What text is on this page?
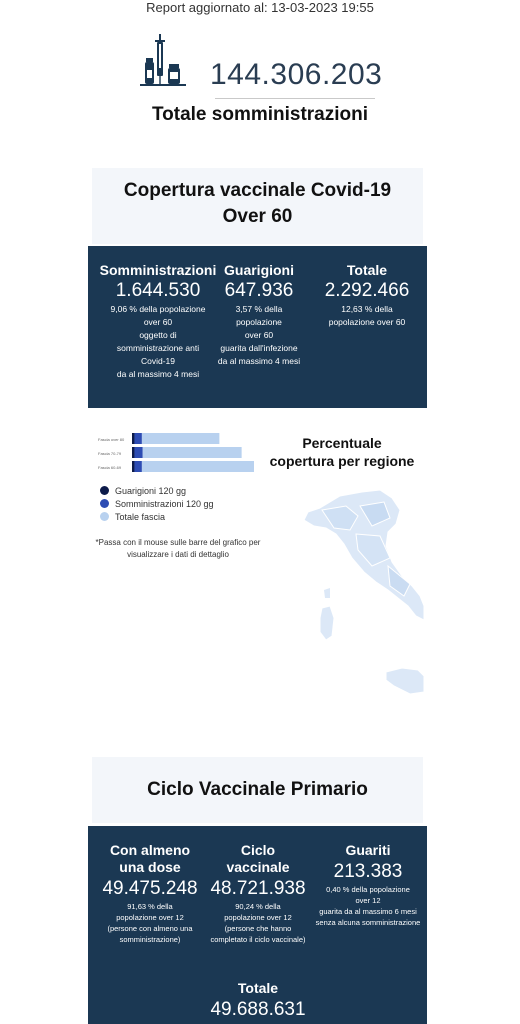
Report aggiornato al: 13-03-2023 19:55
144.306.203
Totale somministrazioni
Copertura vaccinale Covid-19
Over 60
Somministrazioni
1.644.530
9,06 % della popolazione
over 60
oggetto di
somministrazione anti
Covid-19
da al massimo 4 mesi
Guarigioni
647.936
3,57 % della popolazione
over 60
guarita dall'infezione
da al massimo 4 mesi
Totale
2.292.466
12,63 % della
popolazione over 60
Fascia over 80
Fascia 70-79
Fascia 60-69
Guarigioni 120 gg
Somministrazioni 120 gg
Totale fascia
*Passa con il mouse sulle barre del grafico per
visualizzare i dati di dettaglio
Percentuale
copertura per regione
Ciclo Vaccinale Primario
Con almeno
una dose
49.475.248
91,63 % della
popolazione over 12
(persone con almeno una
somministrazione)
Ciclo
vaccinale
48.721.938
90,24 % della
popolazione over 12
(persone che hanno
completato il ciclo vaccinale)
Guariti
213.383
0,40 % della popolazione
over 12
guarita da al massimo 6 mesi
senza alcuna somministrazione
Totale
49.688.631
